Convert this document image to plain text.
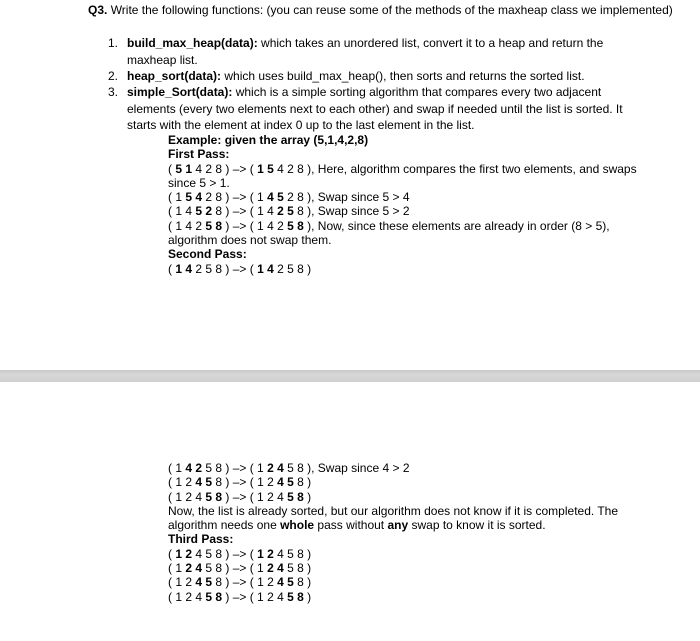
Q3. Write the following functions: (you can reuse some of the methods of the maxheap class we implemented)
1. build_max_heap(data): which takes an unordered list, convert it to a heap and return the maxheap list.
2. heap_sort(data): which uses build_max_heap(), then sorts and returns the sorted list.
3. simple_Sort(data): which is a simple sorting algorithm that compares every two adjacent elements (every two elements next to each other) and swap if needed until the list is sorted. It starts with the element at index 0 up to the last element in the list.
Example: given the array (5,1,4,2,8)
First Pass:
( 5 1 4 2 8 ) –> ( 1 5 4 2 8 ), Here, algorithm compares the first two elements, and swaps since 5 > 1.
( 1 5 4 2 8 ) –> ( 1 4 5 2 8 ), Swap since 5 > 4
( 1 4 5 2 8 ) –> ( 1 4 2 5 8 ), Swap since 5 > 2
( 1 4 2 5 8 ) –> ( 1 4 2 5 8 ), Now, since these elements are already in order (8 > 5), algorithm does not swap them.
Second Pass:
( 1 4 2 5 8 ) –> ( 1 4 2 5 8 )
( 1 4 2 5 8 ) –> ( 1 2 4 5 8 ), Swap since 4 > 2
( 1 2 4 5 8 ) –> ( 1 2 4 5 8 )
( 1 2 4 5 8 ) –> ( 1 2 4 5 8 )
Now, the list is already sorted, but our algorithm does not know if it is completed. The algorithm needs one whole pass without any swap to know it is sorted.
Third Pass:
( 1 2 4 5 8 ) –> ( 1 2 4 5 8 )
( 1 2 4 5 8 ) –> ( 1 2 4 5 8 )
( 1 2 4 5 8 ) –> ( 1 2 4 5 8 )
( 1 2 4 5 8 ) –> ( 1 2 4 5 8 )
